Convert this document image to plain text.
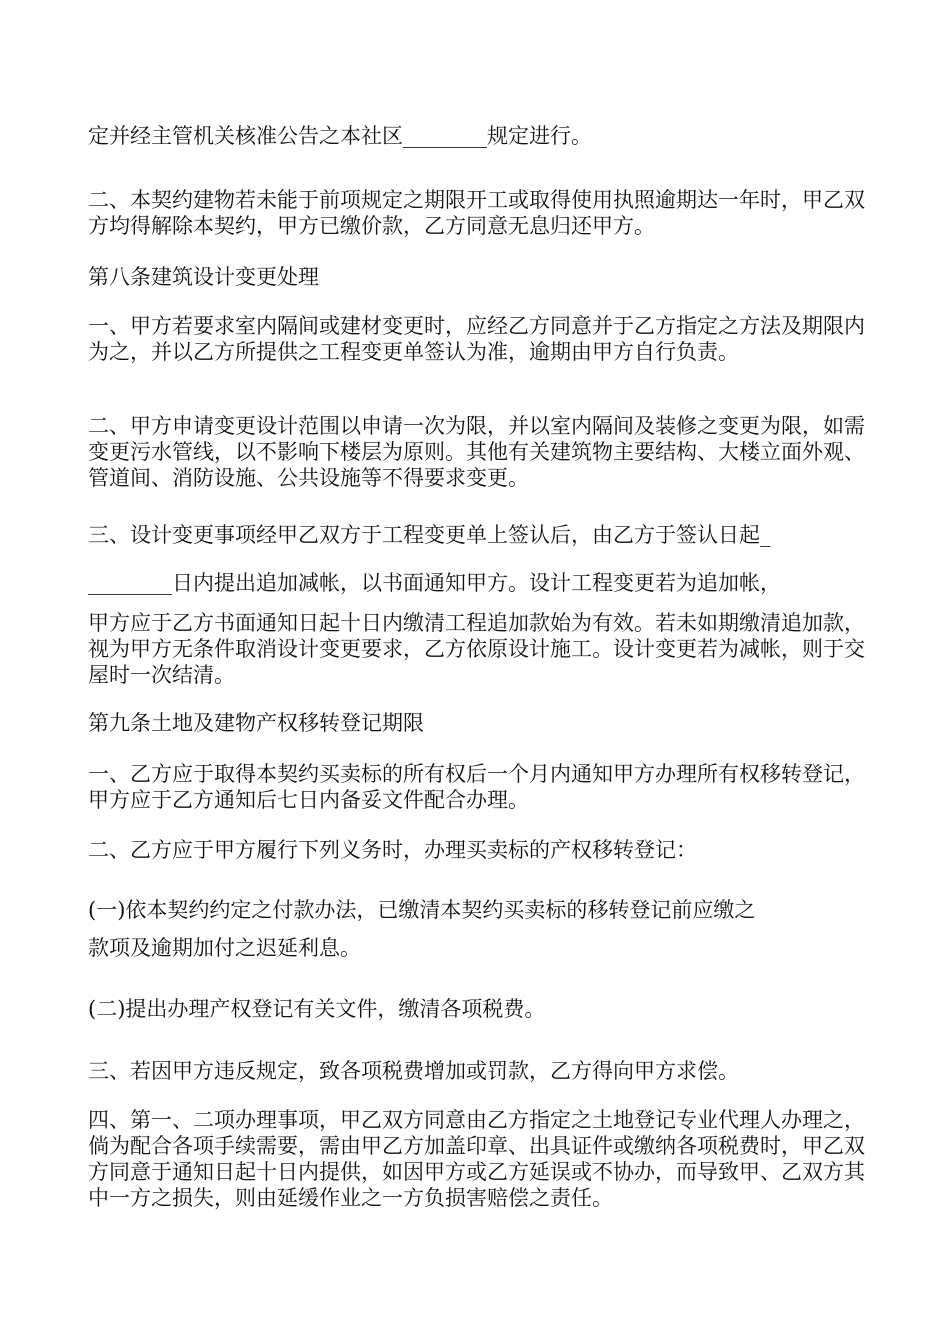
定并经主管机关核准公告之本社区________规定进行。

二、本契约建物若未能于前项规定之期限开工或取得使用执照逾期达一年时，甲乙双方均得解除本契约，甲方已缴价款，乙方同意无息归还甲方。

第八条建筑设计变更处理

一、甲方若要求室内隔间或建材变更时，应经乙方同意并于乙方指定之方法及期限内为之，并以乙方所提供之工程变更单签认为准，逾期由甲方自行负责。

二、甲方申请变更设计范围以申请一次为限，并以室内隔间及装修之变更为限，如需变更污水管线，以不影响下楼层为原则。其他有关建筑物主要结构、大楼立面外观、管道间、消防设施、公共设施等不得要求变更。

三、设计变更事项经甲乙双方于工程变更单上签认后，由乙方于签认日起_

________日内提出追加减帐，以书面通知甲方。设计工程变更若为追加帐，

甲方应于乙方书面通知日起十日内缴清工程追加款始为有效。若未如期缴清追加款，视为甲方无条件取消设计变更要求，乙方依原设计施工。设计变更若为减帐，则于交屋时一次结清。

第九条土地及建物产权移转登记期限

一、乙方应于取得本契约买卖标的所有权后一个月内通知甲方办理所有权移转登记，甲方应于乙方通知后七日内备妥文件配合办理。

二、乙方应于甲方履行下列义务时，办理买卖标的产权移转登记：

(一)依本契约约定之付款办法，已缴清本契约买卖标的移转登记前应缴之

款项及逾期加付之迟延利息。

(二)提出办理产权登记有关文件，缴清各项税费。

三、若因甲方违反规定，致各项税费增加或罚款，乙方得向甲方求偿。

四、第一、二项办理事项，甲乙双方同意由乙方指定之土地登记专业代理人办理之，倘为配合各项手续需要，需由甲乙方加盖印章、出具证件或缴纳各项税费时，甲乙双方同意于通知日起十日内提供，如因甲方或乙方延误或不协办，而导致甲、乙双方其中一方之损失，则由延缓作业之一方负损害赔偿之责任。
